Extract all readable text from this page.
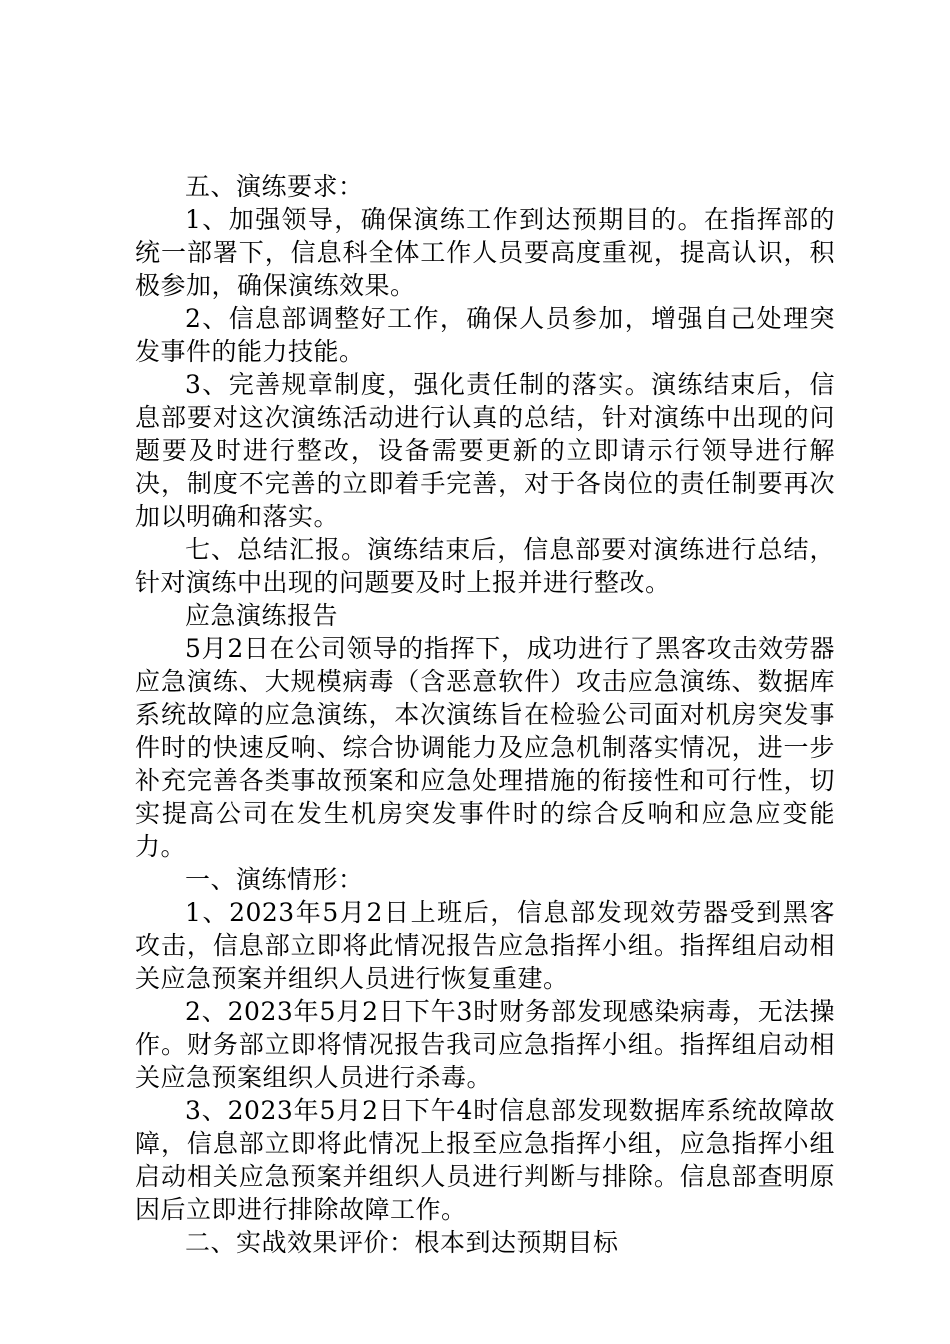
五、演练要求：

1、加强领导，确保演练工作到达预期目的。在指挥部的统一部署下，信息科全体工作人员要高度重视，提高认识，积极参加，确保演练效果。

2、信息部调整好工作，确保人员参加，增强自己处理突发事件的能力技能。

3、完善规章制度，强化责任制的落实。演练结束后，信息部要对这次演练活动进行认真的总结，针对演练中出现的问题要及时进行整改，设备需要更新的立即请示行领导进行解决，制度不完善的立即着手完善，对于各岗位的责任制要再次加以明确和落实。

七、总结汇报。演练结束后，信息部要对演练进行总结，针对演练中出现的问题要及时上报并进行整改。

应急演练报告

5月2日在公司领导的指挥下，成功进行了黑客攻击效劳器应急演练、大规模病毒（含恶意软件）攻击应急演练、数据库系统故障的应急演练，本次演练旨在检验公司面对机房突发事件时的快速反响、综合协调能力及应急机制落实情况，进一步补充完善各类事故预案和应急处理措施的衔接性和可行性，切实提高公司在发生机房突发事件时的综合反响和应急应变能力。

一、演练情形：

1、2023年5月2日上班后，信息部发现效劳器受到黑客攻击，信息部立即将此情况报告应急指挥小组。指挥组启动相关应急预案并组织人员进行恢复重建。

2、2023年5月2日下午3时财务部发现感染病毒，无法操作。财务部立即将情况报告我司应急指挥小组。指挥组启动相关应急预案组织人员进行杀毒。

3、2023年5月2日下午4时信息部发现数据库系统故障故障，信息部立即将此情况上报至应急指挥小组，应急指挥小组启动相关应急预案并组织人员进行判断与排除。信息部查明原因后立即进行排除故障工作。

二、实战效果评价：根本到达预期目标
